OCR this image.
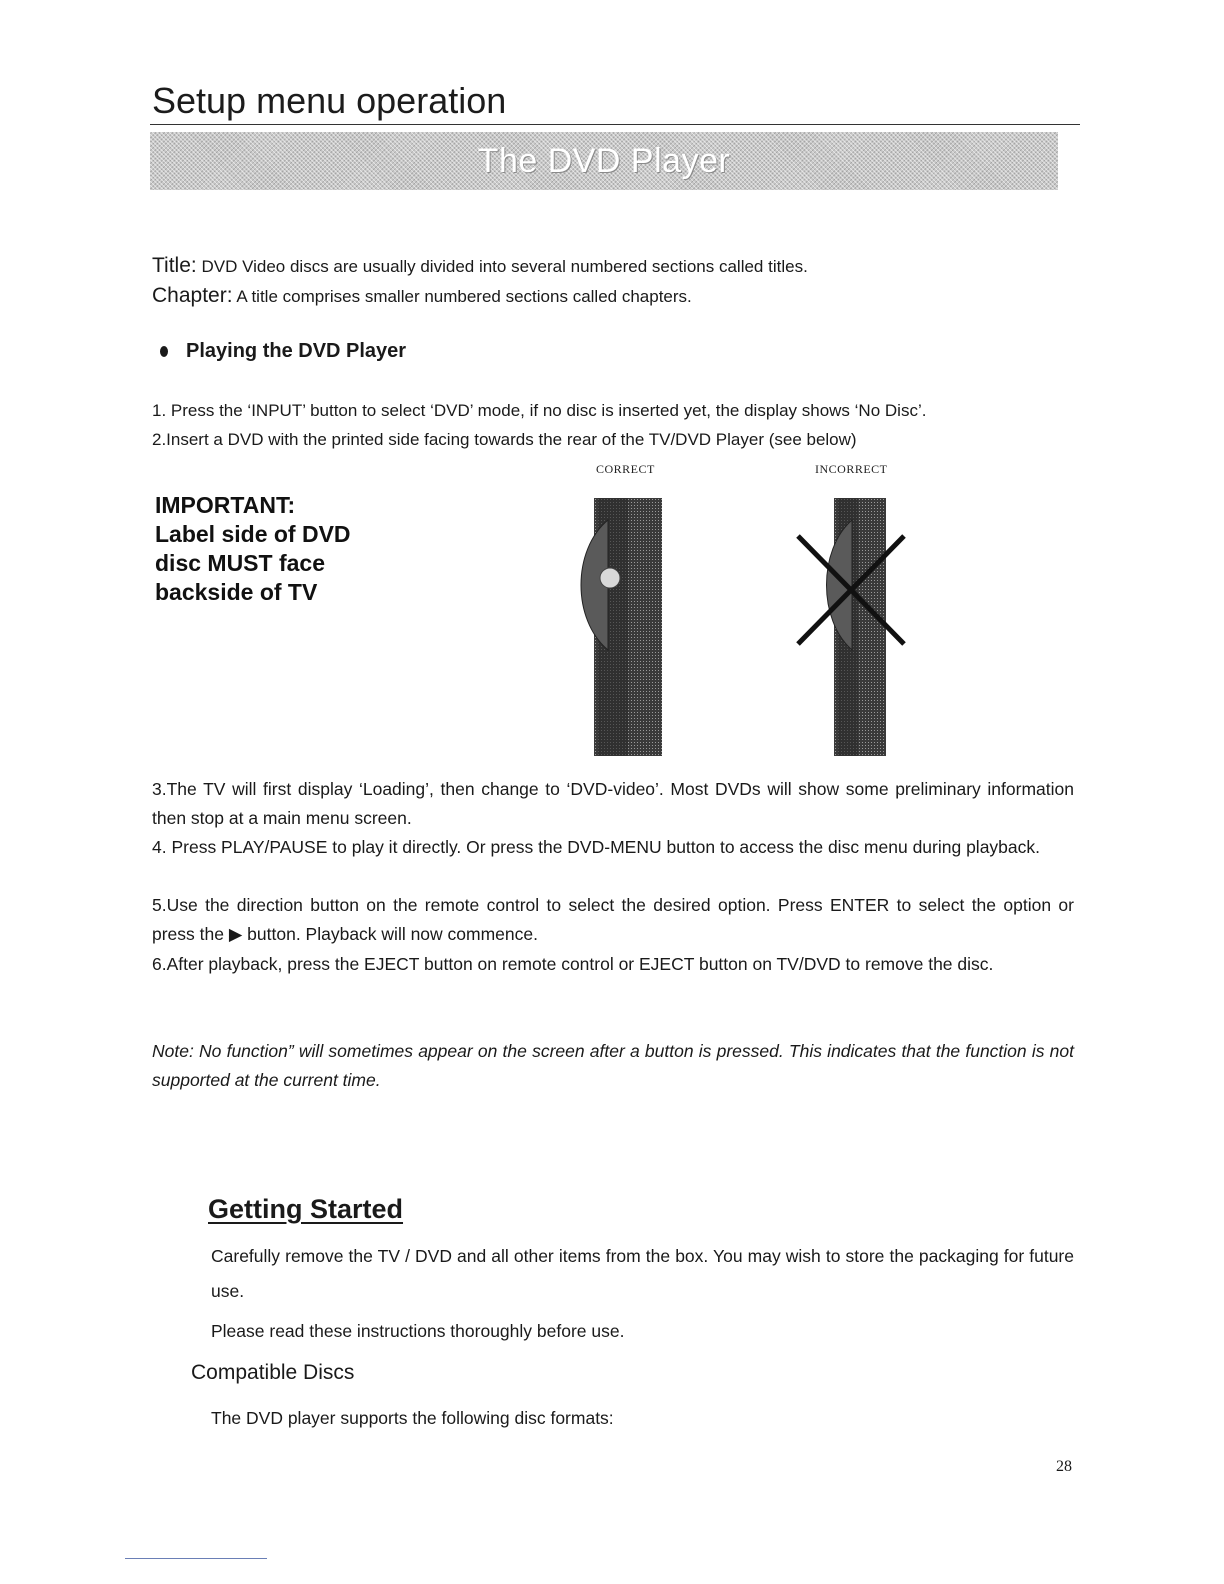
Setup menu operation
The DVD Player
Title: DVD Video discs are usually divided into several numbered sections called titles.
Chapter: A title comprises smaller numbered sections called chapters.
Playing the DVD Player
1. Press the ‘INPUT’ button to select ‘DVD’ mode, if no disc is inserted yet, the display shows ‘No Disc’.
2.Insert a DVD with the printed side facing towards the rear of the TV/DVD Player (see below)
CORRECT	INCORRECT
IMPORTANT:
Label side of DVD
disc MUST face
backside of TV
3.The TV will first display ‘Loading’, then change to ‘DVD-video’. Most DVDs will show some preliminary information then stop at a main menu screen.
4. Press PLAY/PAUSE to play it directly. Or press the DVD-MENU button to access the disc menu during playback.
5.Use the direction button on the remote control to select the desired option. Press ENTER to select the option or press the ▶ button. Playback will now commence.
6.After playback, press the EJECT button on remote control or EJECT button on TV/DVD to remove the disc.
Note: No function” will sometimes appear on the screen after a button is pressed. This indicates that the function is not supported at the current time.
Getting Started
Carefully remove the TV / DVD and all other items from the box. You may wish to store the packaging for future use.
Please read these instructions thoroughly before use.
Compatible Discs
The DVD player supports the following disc formats:
28
